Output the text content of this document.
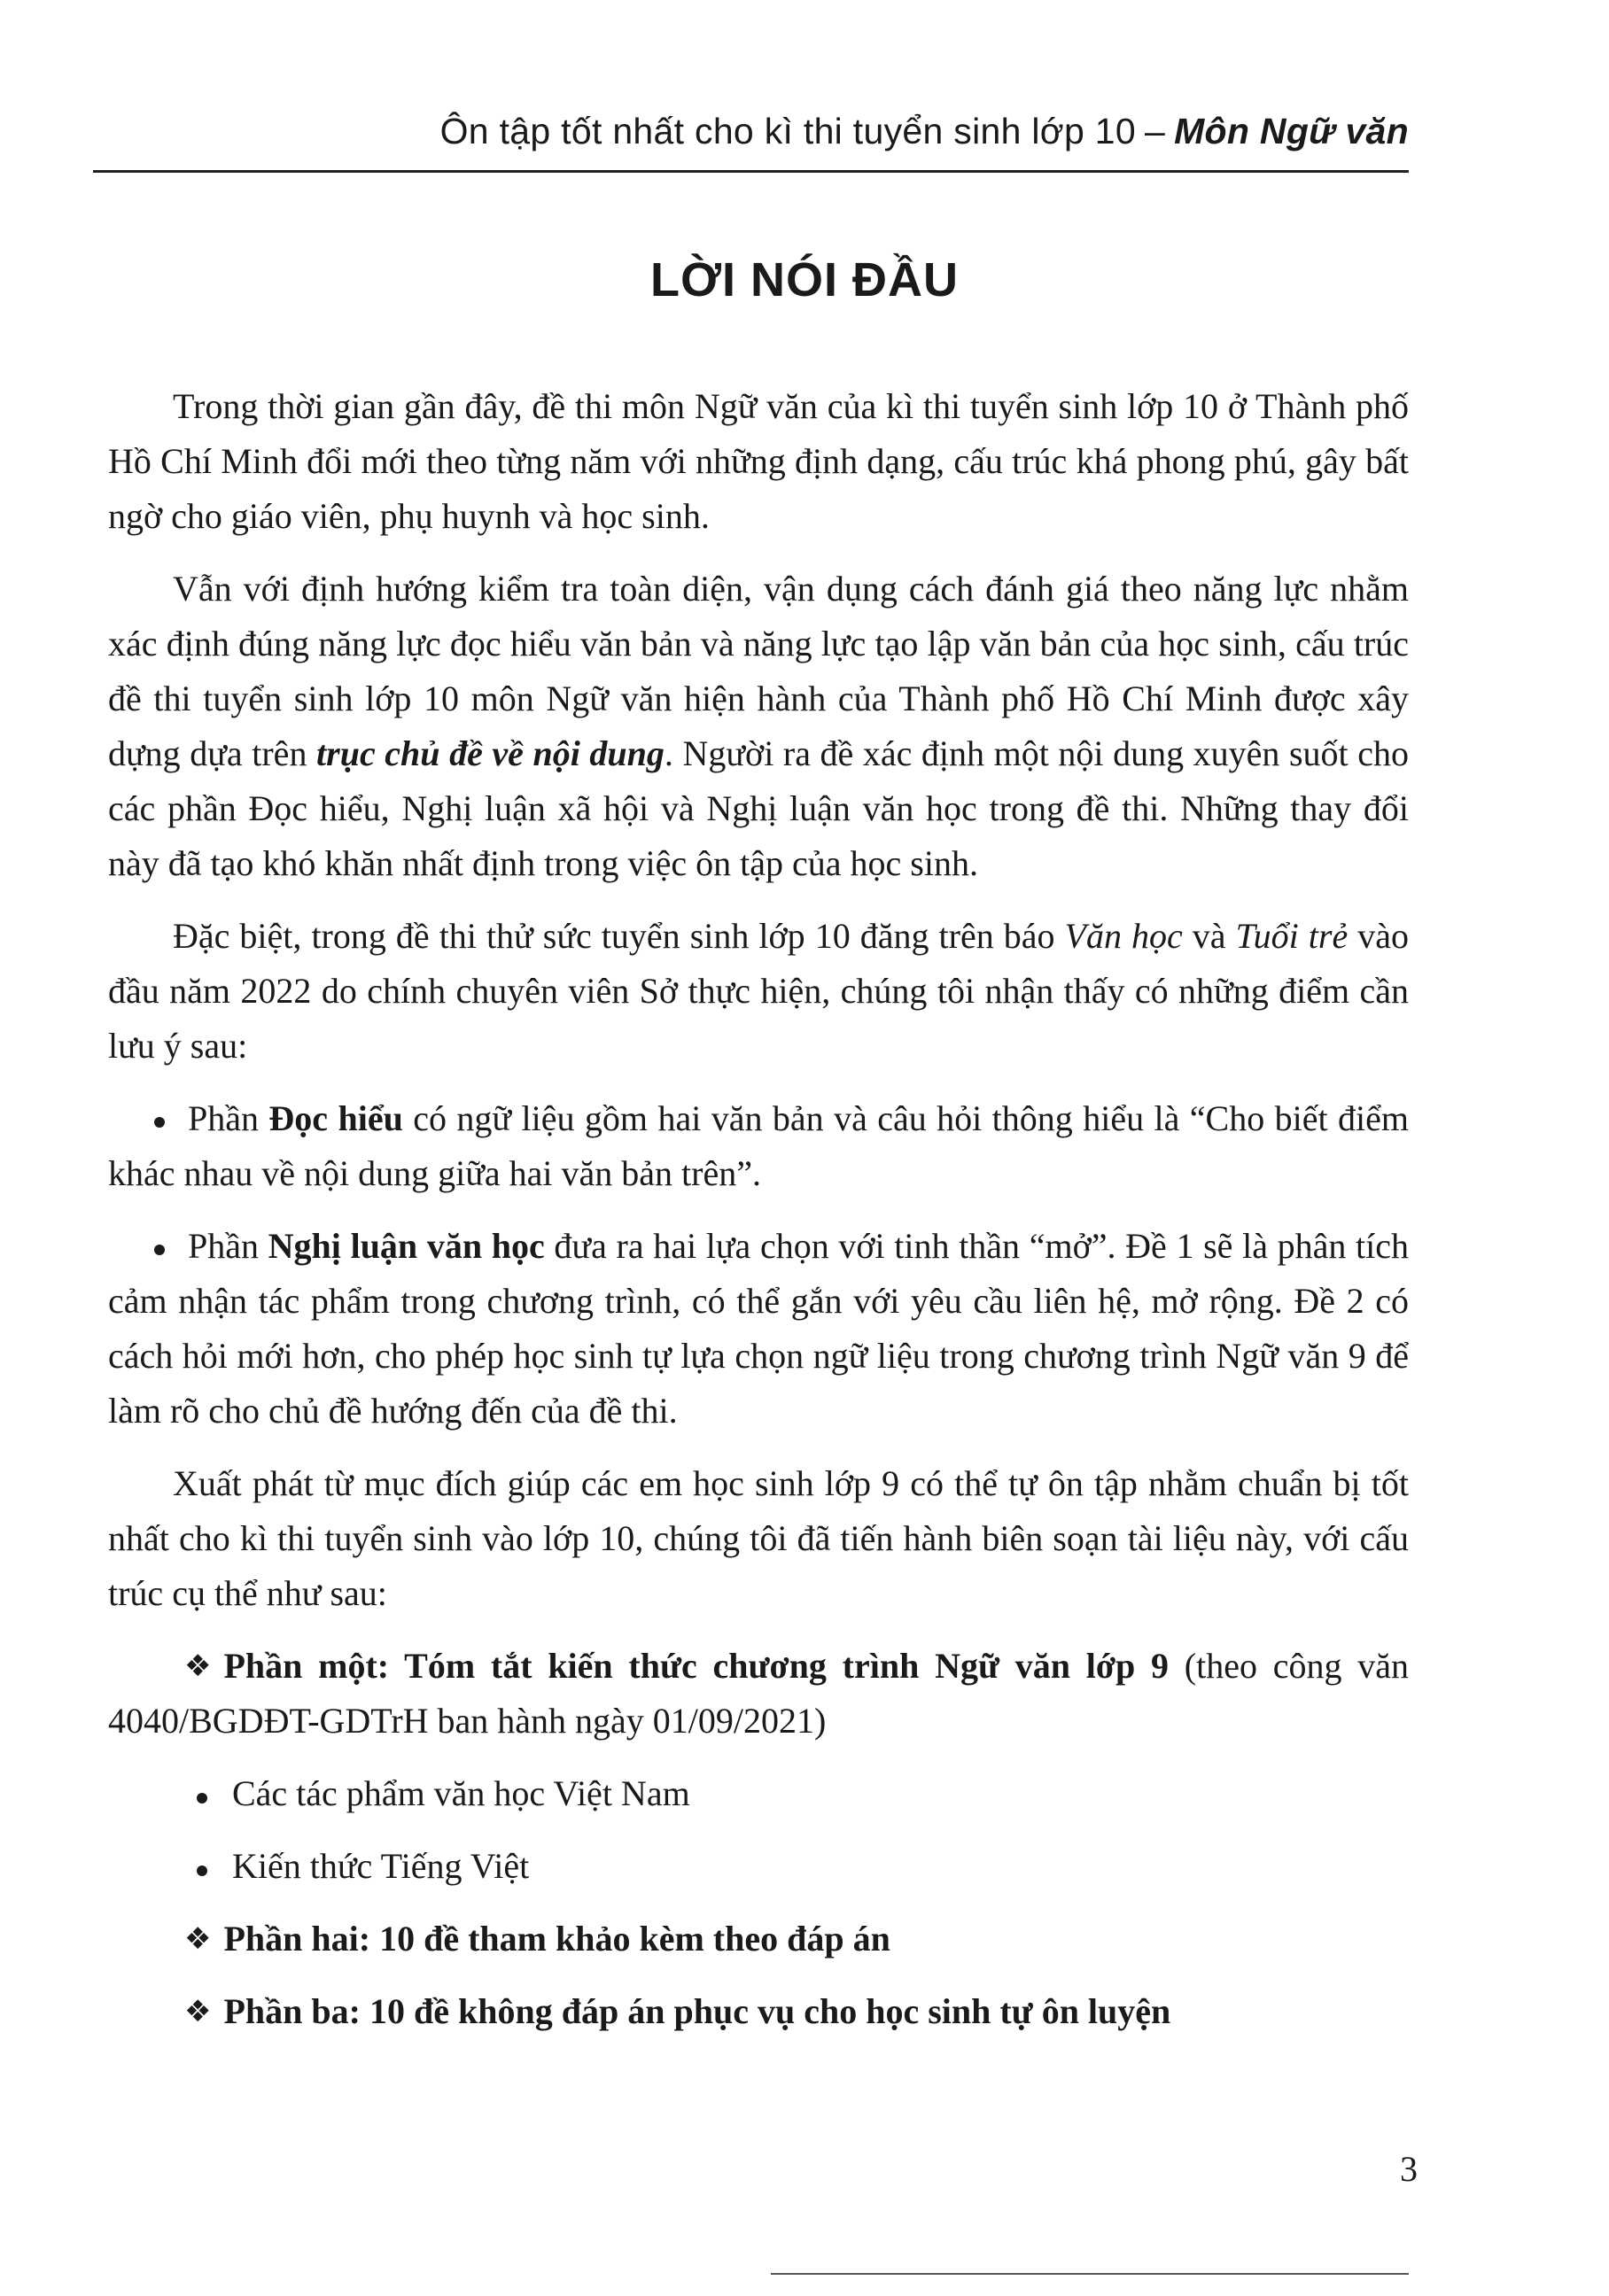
Ôn tập tốt nhất cho kì thi tuyển sinh lớp 10 – Môn Ngữ văn
LỜI NÓI ĐẦU

Trong thời gian gần đây, đề thi môn Ngữ văn của kì thi tuyển sinh lớp 10 ở Thành phố Hồ Chí Minh đổi mới theo từng năm với những định dạng, cấu trúc khá phong phú, gây bất ngờ cho giáo viên, phụ huynh và học sinh.

Vẫn với định hướng kiểm tra toàn diện, vận dụng cách đánh giá theo năng lực nhằm xác định đúng năng lực đọc hiểu văn bản và năng lực tạo lập văn bản của học sinh, cấu trúc đề thi tuyển sinh lớp 10 môn Ngữ văn hiện hành của Thành phố Hồ Chí Minh được xây dựng dựa trên trục chủ đề về nội dung. Người ra đề xác định một nội dung xuyên suốt cho các phần Đọc hiểu, Nghị luận xã hội và Nghị luận văn học trong đề thi. Những thay đổi này đã tạo khó khăn nhất định trong việc ôn tập của học sinh.

Đặc biệt, trong đề thi thử sức tuyển sinh lớp 10 đăng trên báo Văn học và Tuổi trẻ vào đầu năm 2022 do chính chuyên viên Sở thực hiện, chúng tôi nhận thấy có những điểm cần lưu ý sau:

Phần Đọc hiểu có ngữ liệu gồm hai văn bản và câu hỏi thông hiểu là “Cho biết điểm khác nhau về nội dung giữa hai văn bản trên”.

Phần Nghị luận văn học đưa ra hai lựa chọn với tinh thần “mở”. Đề 1 sẽ là phân tích cảm nhận tác phẩm trong chương trình, có thể gắn với yêu cầu liên hệ, mở rộng. Đề 2 có cách hỏi mới hơn, cho phép học sinh tự lựa chọn ngữ liệu trong chương trình Ngữ văn 9 để làm rõ cho chủ đề hướng đến của đề thi.

Xuất phát từ mục đích giúp các em học sinh lớp 9 có thể tự ôn tập nhằm chuẩn bị tốt nhất cho kì thi tuyển sinh vào lớp 10, chúng tôi đã tiến hành biên soạn tài liệu này, với cấu trúc cụ thể như sau:

❖ Phần một: Tóm tắt kiến thức chương trình Ngữ văn lớp 9 (theo công văn 4040/BGDĐT-GDTrH ban hành ngày 01/09/2021)

Các tác phẩm văn học Việt Nam

Kiến thức Tiếng Việt

❖ Phần hai: 10 đề tham khảo kèm theo đáp án

❖ Phần ba: 10 đề không đáp án phục vụ cho học sinh tự ôn luyện

3
